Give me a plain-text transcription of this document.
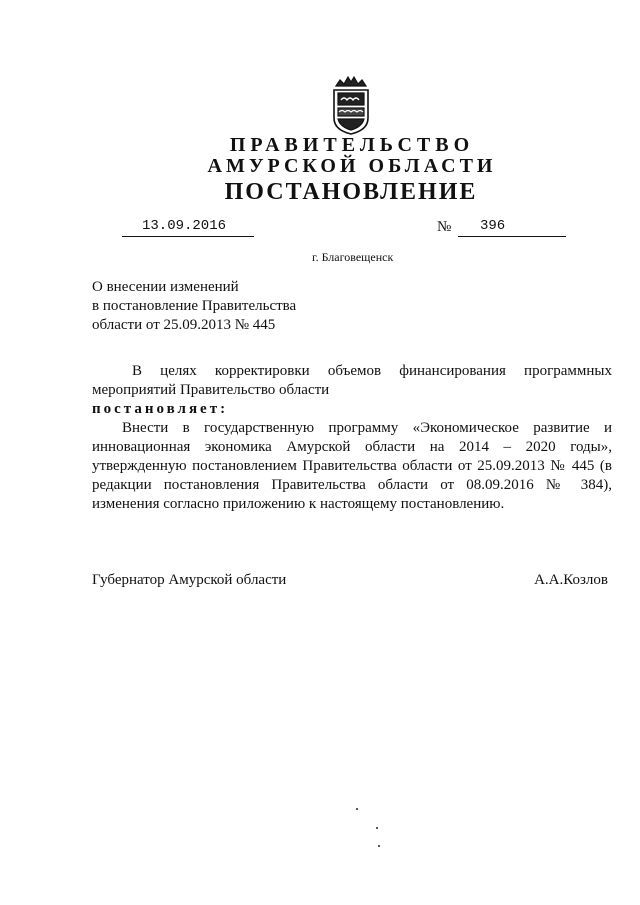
ПРАВИТЕЛЬСТВО
АМУРСКОЙ ОБЛАСТИ
ПОСТАНОВЛЕНИЕ
13.09.2016	№ 396
г. Благовещенск
О внесении изменений
в постановление Правительства
области от 25.09.2013 № 445

В целях корректировки объемов финансирования программных мероприятий Правительство области

постановляет:

Внести в государственную программу «Экономическое развитие и инновационная экономика Амурской области на 2014 – 2020 годы», утвержденную постановлением Правительства области от 25.09.2013 № 445 (в редакции постановления Правительства области от 08.09.2016 № 384), изменения согласно приложению к настоящему постановлению.

Губернатор Амурской области	А.А.Козлов
